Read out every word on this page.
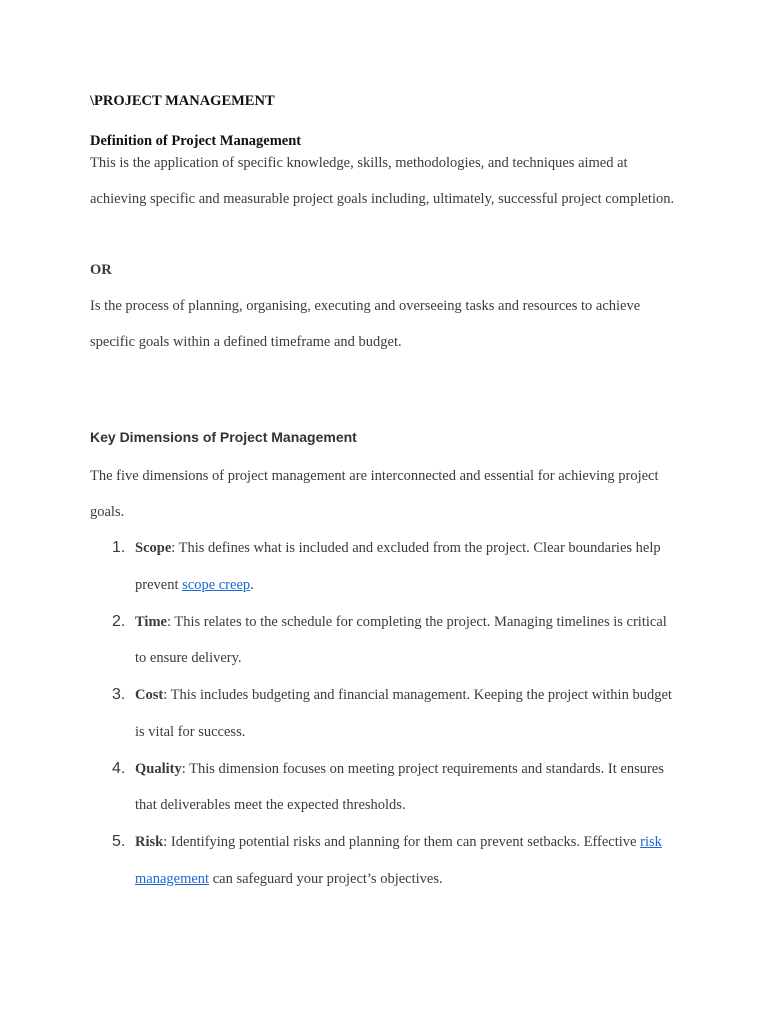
\PROJECT MANAGEMENT
Definition of Project Management
This is the application of specific knowledge, skills, methodologies, and techniques aimed at achieving specific and measurable project goals including, ultimately, successful project completion.
OR
Is the process of planning, organising, executing and overseeing tasks and resources to achieve specific goals within a defined timeframe and budget.
Key Dimensions of Project Management
The five dimensions of project management are interconnected and essential for achieving project goals.
1. Scope: This defines what is included and excluded from the project. Clear boundaries help prevent scope creep.
2. Time: This relates to the schedule for completing the project. Managing timelines is critical to ensure delivery.
3. Cost: This includes budgeting and financial management. Keeping the project within budget is vital for success.
4. Quality: This dimension focuses on meeting project requirements and standards. It ensures that deliverables meet the expected thresholds.
5. Risk: Identifying potential risks and planning for them can prevent setbacks. Effective risk management can safeguard your project’s objectives.
